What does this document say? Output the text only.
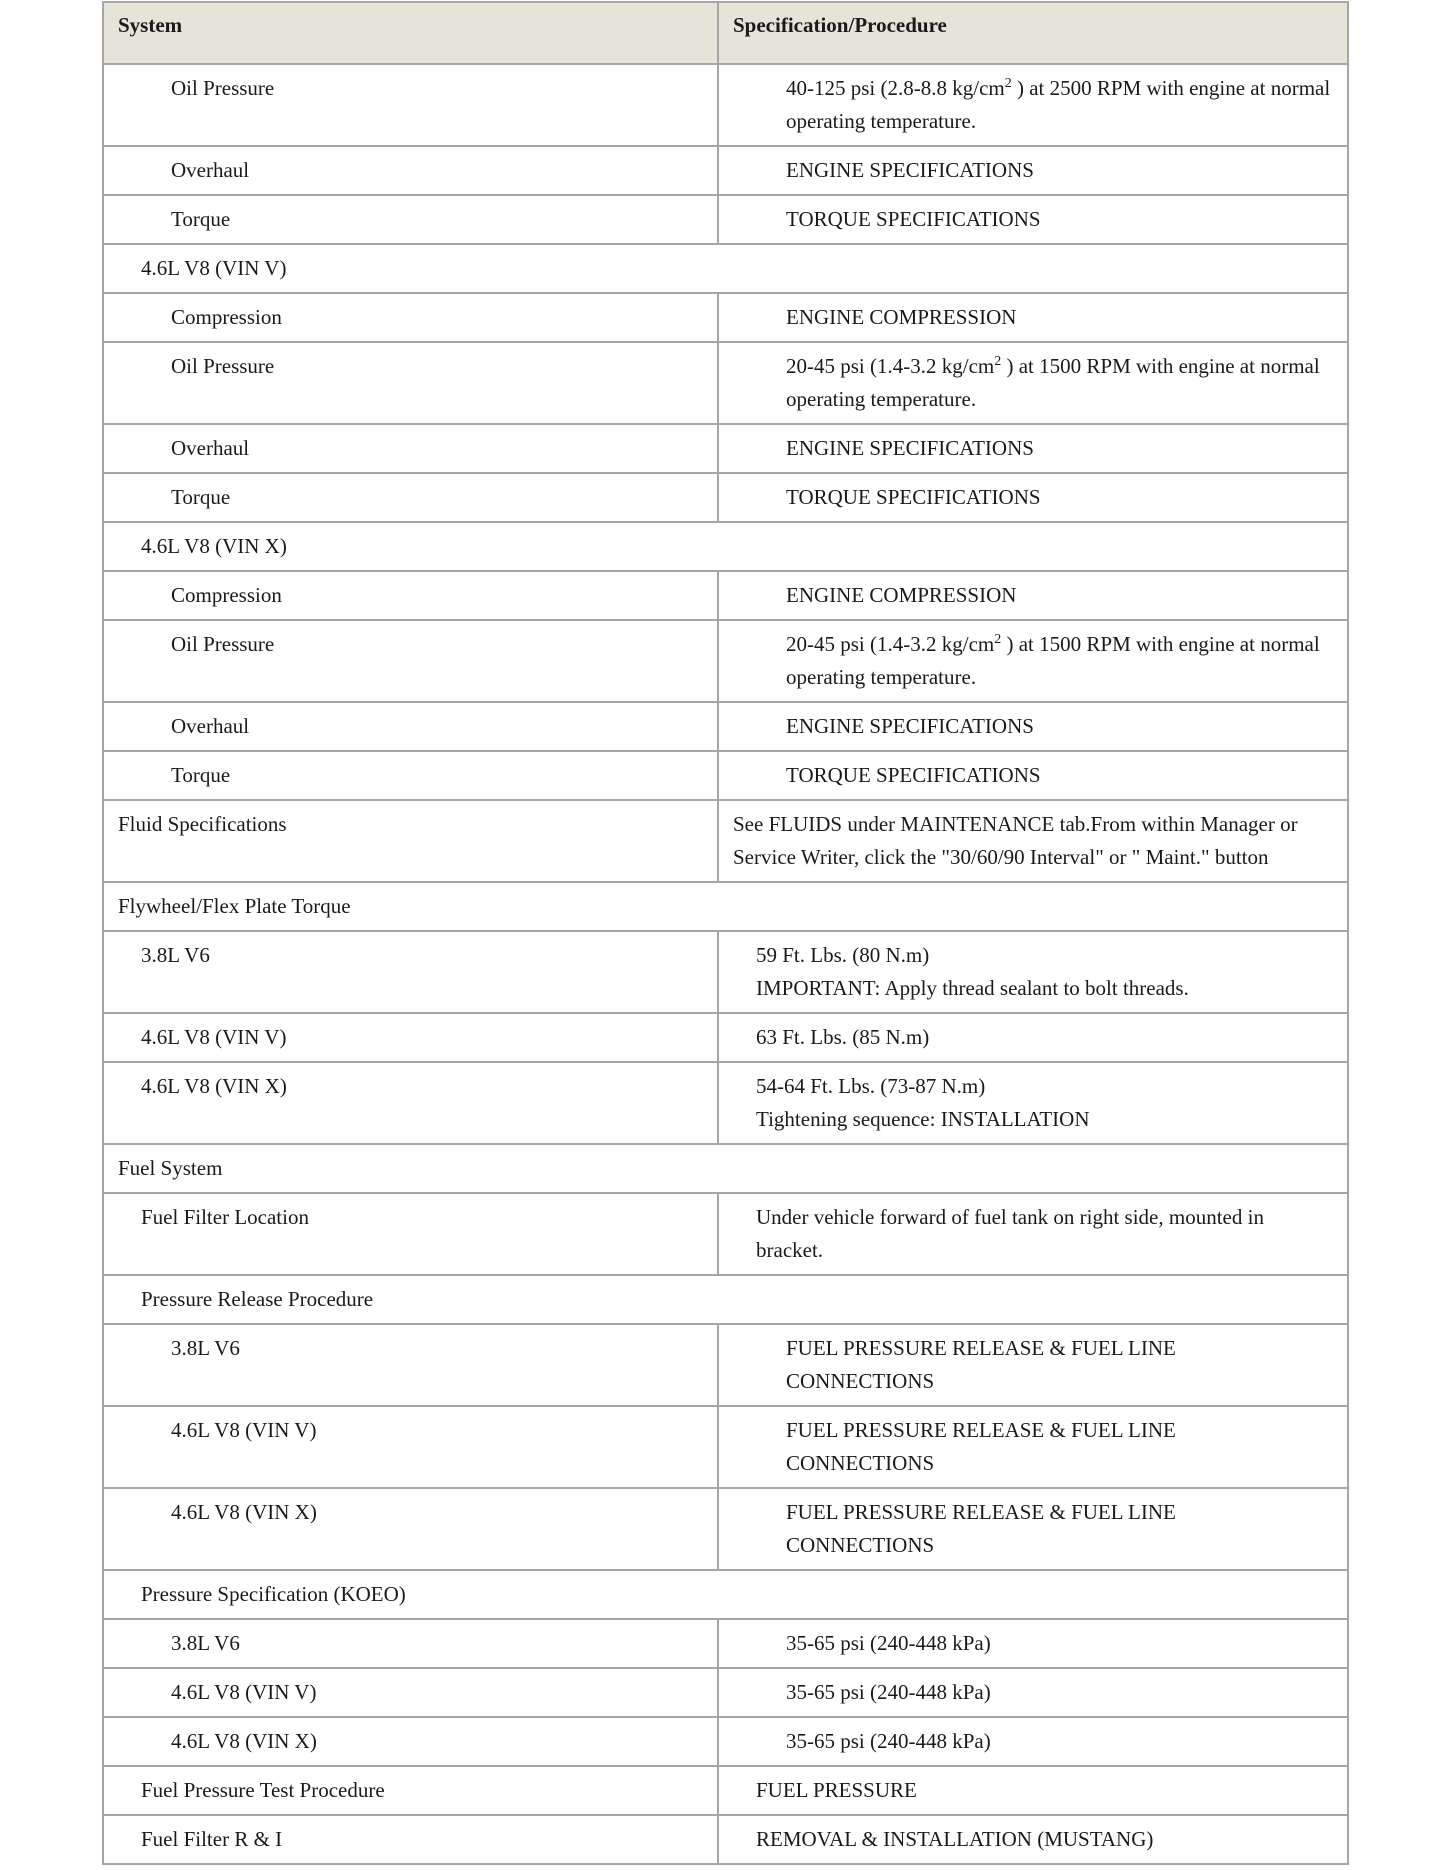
System	Specification/Procedure
Oil Pressure	40-125 psi (2.8-8.8 $kg/cm^2$ ) at 2500 RPM with engine at normal operating temperature.
Overhaul	ENGINE SPECIFICATIONS
Torque	TORQUE SPECIFICATIONS
4.6L V8 (VIN V)	
Compression	ENGINE COMPRESSION
Oil Pressure	20-45 psi (1.4-3.2 $kg/cm^2$ ) at 1500 RPM with engine at normal operating temperature.
Overhaul	ENGINE SPECIFICATIONS
Torque	TORQUE SPECIFICATIONS
4.6L V8 (VIN X)	
Compression	ENGINE COMPRESSION
Oil Pressure	20-45 psi (1.4-3.2 $kg/cm^2$ ) at 1500 RPM with engine at normal operating temperature.
Overhaul	ENGINE SPECIFICATIONS
Torque	TORQUE SPECIFICATIONS
Fluid Specifications	See FLUIDS under MAINTENANCE tab.From within Manager or Service Writer, click the "30/60/90 Interval" or " Maint." button
Flywheel/Flex Plate Torque	
3.8L V6	59 Ft. Lbs. (80 N.m)
IMPORTANT: Apply thread sealant to bolt threads.

4.6L V8 (VIN V)	63 Ft. Lbs. (85 N.m)
4.6L V8 (VIN X)	54-64 Ft. Lbs. (73-87 N.m)
Tightening sequence: INSTALLATION

Fuel System	
Fuel Filter Location	Under vehicle forward of fuel tank on right side, mounted in bracket.
Pressure Release Procedure	
3.8L V6	FUEL PRESSURE RELEASE & FUEL LINE
CONNECTIONS

4.6L V8 (VIN V)	FUEL PRESSURE RELEASE & FUEL LINE
CONNECTIONS

4.6L V8 (VIN X)	FUEL PRESSURE RELEASE & FUEL LINE
CONNECTIONS

Pressure Specification (KOEO)	
3.8L V6	35-65 psi (240-448 kPa)
4.6L V8 (VIN V)	35-65 psi (240-448 kPa)
4.6L V8 (VIN X)	35-65 psi (240-448 kPa)
Fuel Pressure Test Procedure	FUEL PRESSURE
Fuel Filter R & I	REMOVAL & INSTALLATION (MUSTANG)
